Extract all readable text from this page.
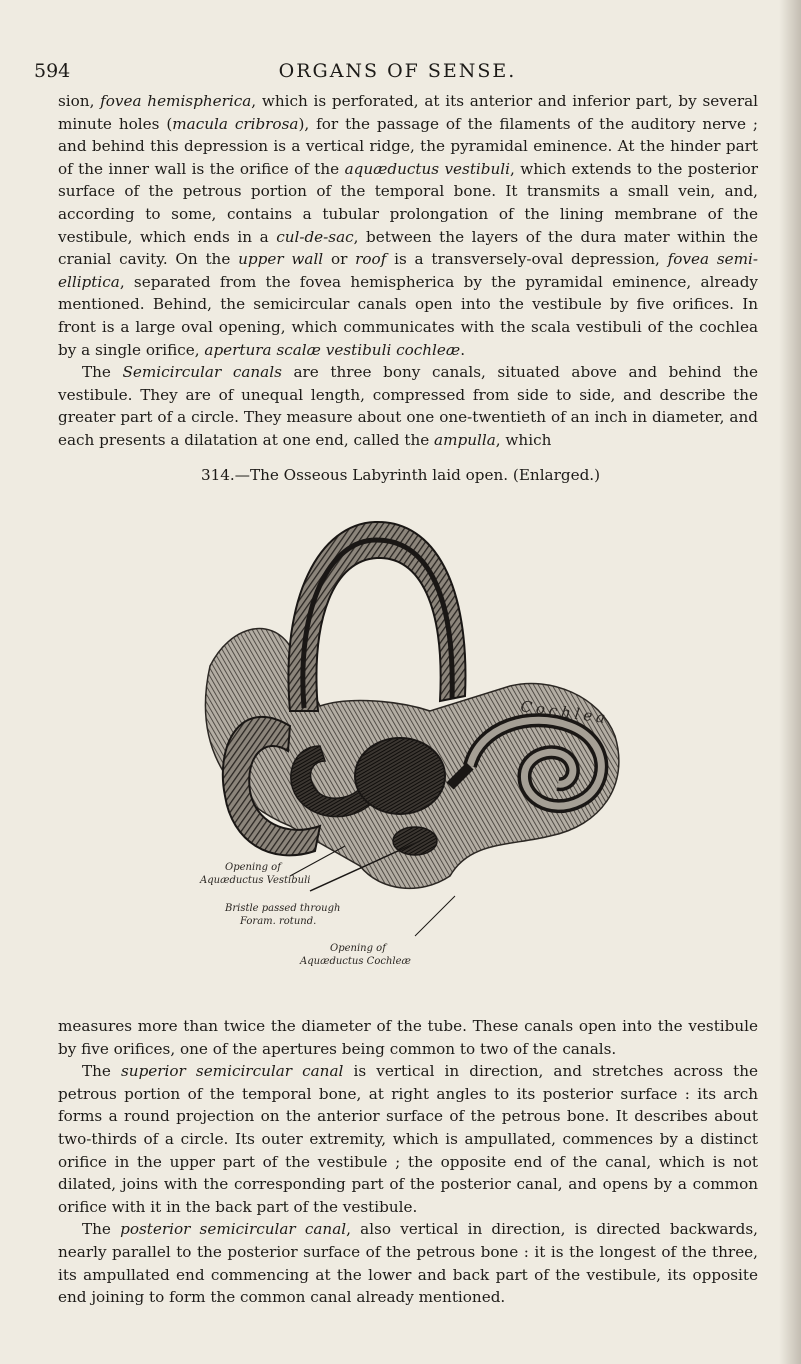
594	ORGANS OF SENSE.

sion, fovea hemispherica, which is perforated, at its anterior and inferior part, by several minute holes (macula cribrosa), for the passage of the filaments of the auditory nerve ; and behind this depression is a vertical ridge, the pyramidal eminence. At the hinder part of the inner wall is the orifice of the aquæductus vestibuli, which extends to the posterior surface of the petrous portion of the temporal bone. It transmits a small vein, and, according to some, contains a tubular prolongation of the lining membrane of the vestibule, which ends in a cul-de-sac, between the layers of the dura mater within the cranial cavity. On the upper wall or roof is a transversely-oval depression, fovea semi-elliptica, separated from the fovea hemispherica by the pyramidal eminence, already mentioned. Behind, the semicircular canals open into the vestibule by five orifices. In front is a large oval opening, which communicates with the scala vestibuli of the cochlea by a single orifice, apertura scalæ vestibuli cochleæ.

The Semicircular canals are three bony canals, situated above and behind the vestibule. They are of unequal length, compressed from side to side, and describe the greater part of a circle. They measure about one one-twentieth of an inch in diameter, and each presents a dilatation at one end, called the ampulla, which

314.—The Osseous Labyrinth laid open. (Enlarged.)
Cochlea
Opening of
Aquæductus Vestibuli
Bristle passed through
Foram. rotund.
Opening of
Aquæductus Cochleæ

measures more than twice the diameter of the tube. These canals open into the vestibule by five orifices, one of the apertures being common to two of the canals.

The superior semicircular canal is vertical in direction, and stretches across the petrous portion of the temporal bone, at right angles to its posterior surface : its arch forms a round projection on the anterior surface of the petrous bone. It describes about two-thirds of a circle. Its outer extremity, which is ampullated, commences by a distinct orifice in the upper part of the vestibule ; the opposite end of the canal, which is not dilated, joins with the corresponding part of the posterior canal, and opens by a common orifice with it in the back part of the vestibule.

The posterior semicircular canal, also vertical in direction, is directed backwards, nearly parallel to the posterior surface of the petrous bone : it is the longest of the three, its ampullated end commencing at the lower and back part of the vestibule, its opposite end joining to form the common canal already mentioned.
